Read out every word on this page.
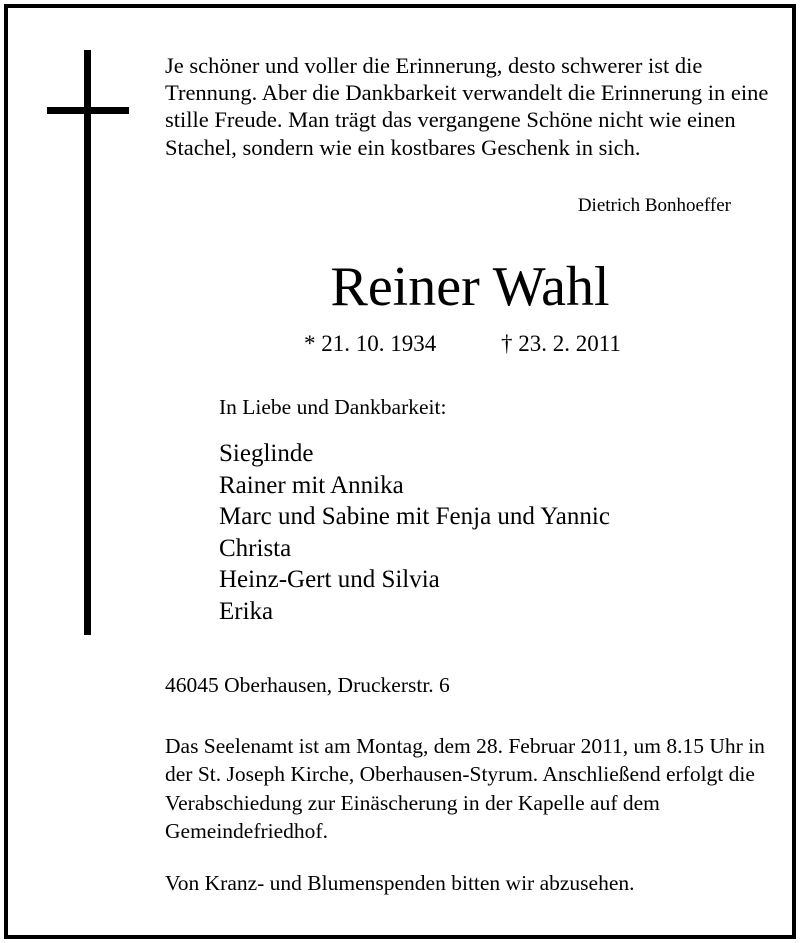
Je schöner und voller die Erinnerung, desto schwerer ist die Trennung. Aber die Dankbarkeit verwandelt die Erinnerung in eine stille Freude. Man trägt das vergangene Schöne nicht wie einen Stachel, sondern wie ein kostbares Geschenk in sich.

Dietrich Bonhoeffer
Reiner Wahl
* 21. 10. 1934	† 23. 2. 2011
In Liebe und Dankbarkeit:
Sieglinde
Rainer mit Annika
Marc und Sabine mit Fenja und Yannic
Christa
Heinz-Gert und Silvia
Erika
46045 Oberhausen, Druckerstr. 6

Das Seelenamt ist am Montag, dem 28. Februar 2011, um 8.15 Uhr in der St. Joseph Kirche, Oberhausen-Styrum. Anschließend erfolgt die Verabschiedung zur Einäscherung in der Kapelle auf dem Gemeindefriedhof.

Von Kranz- und Blumenspenden bitten wir abzusehen.
